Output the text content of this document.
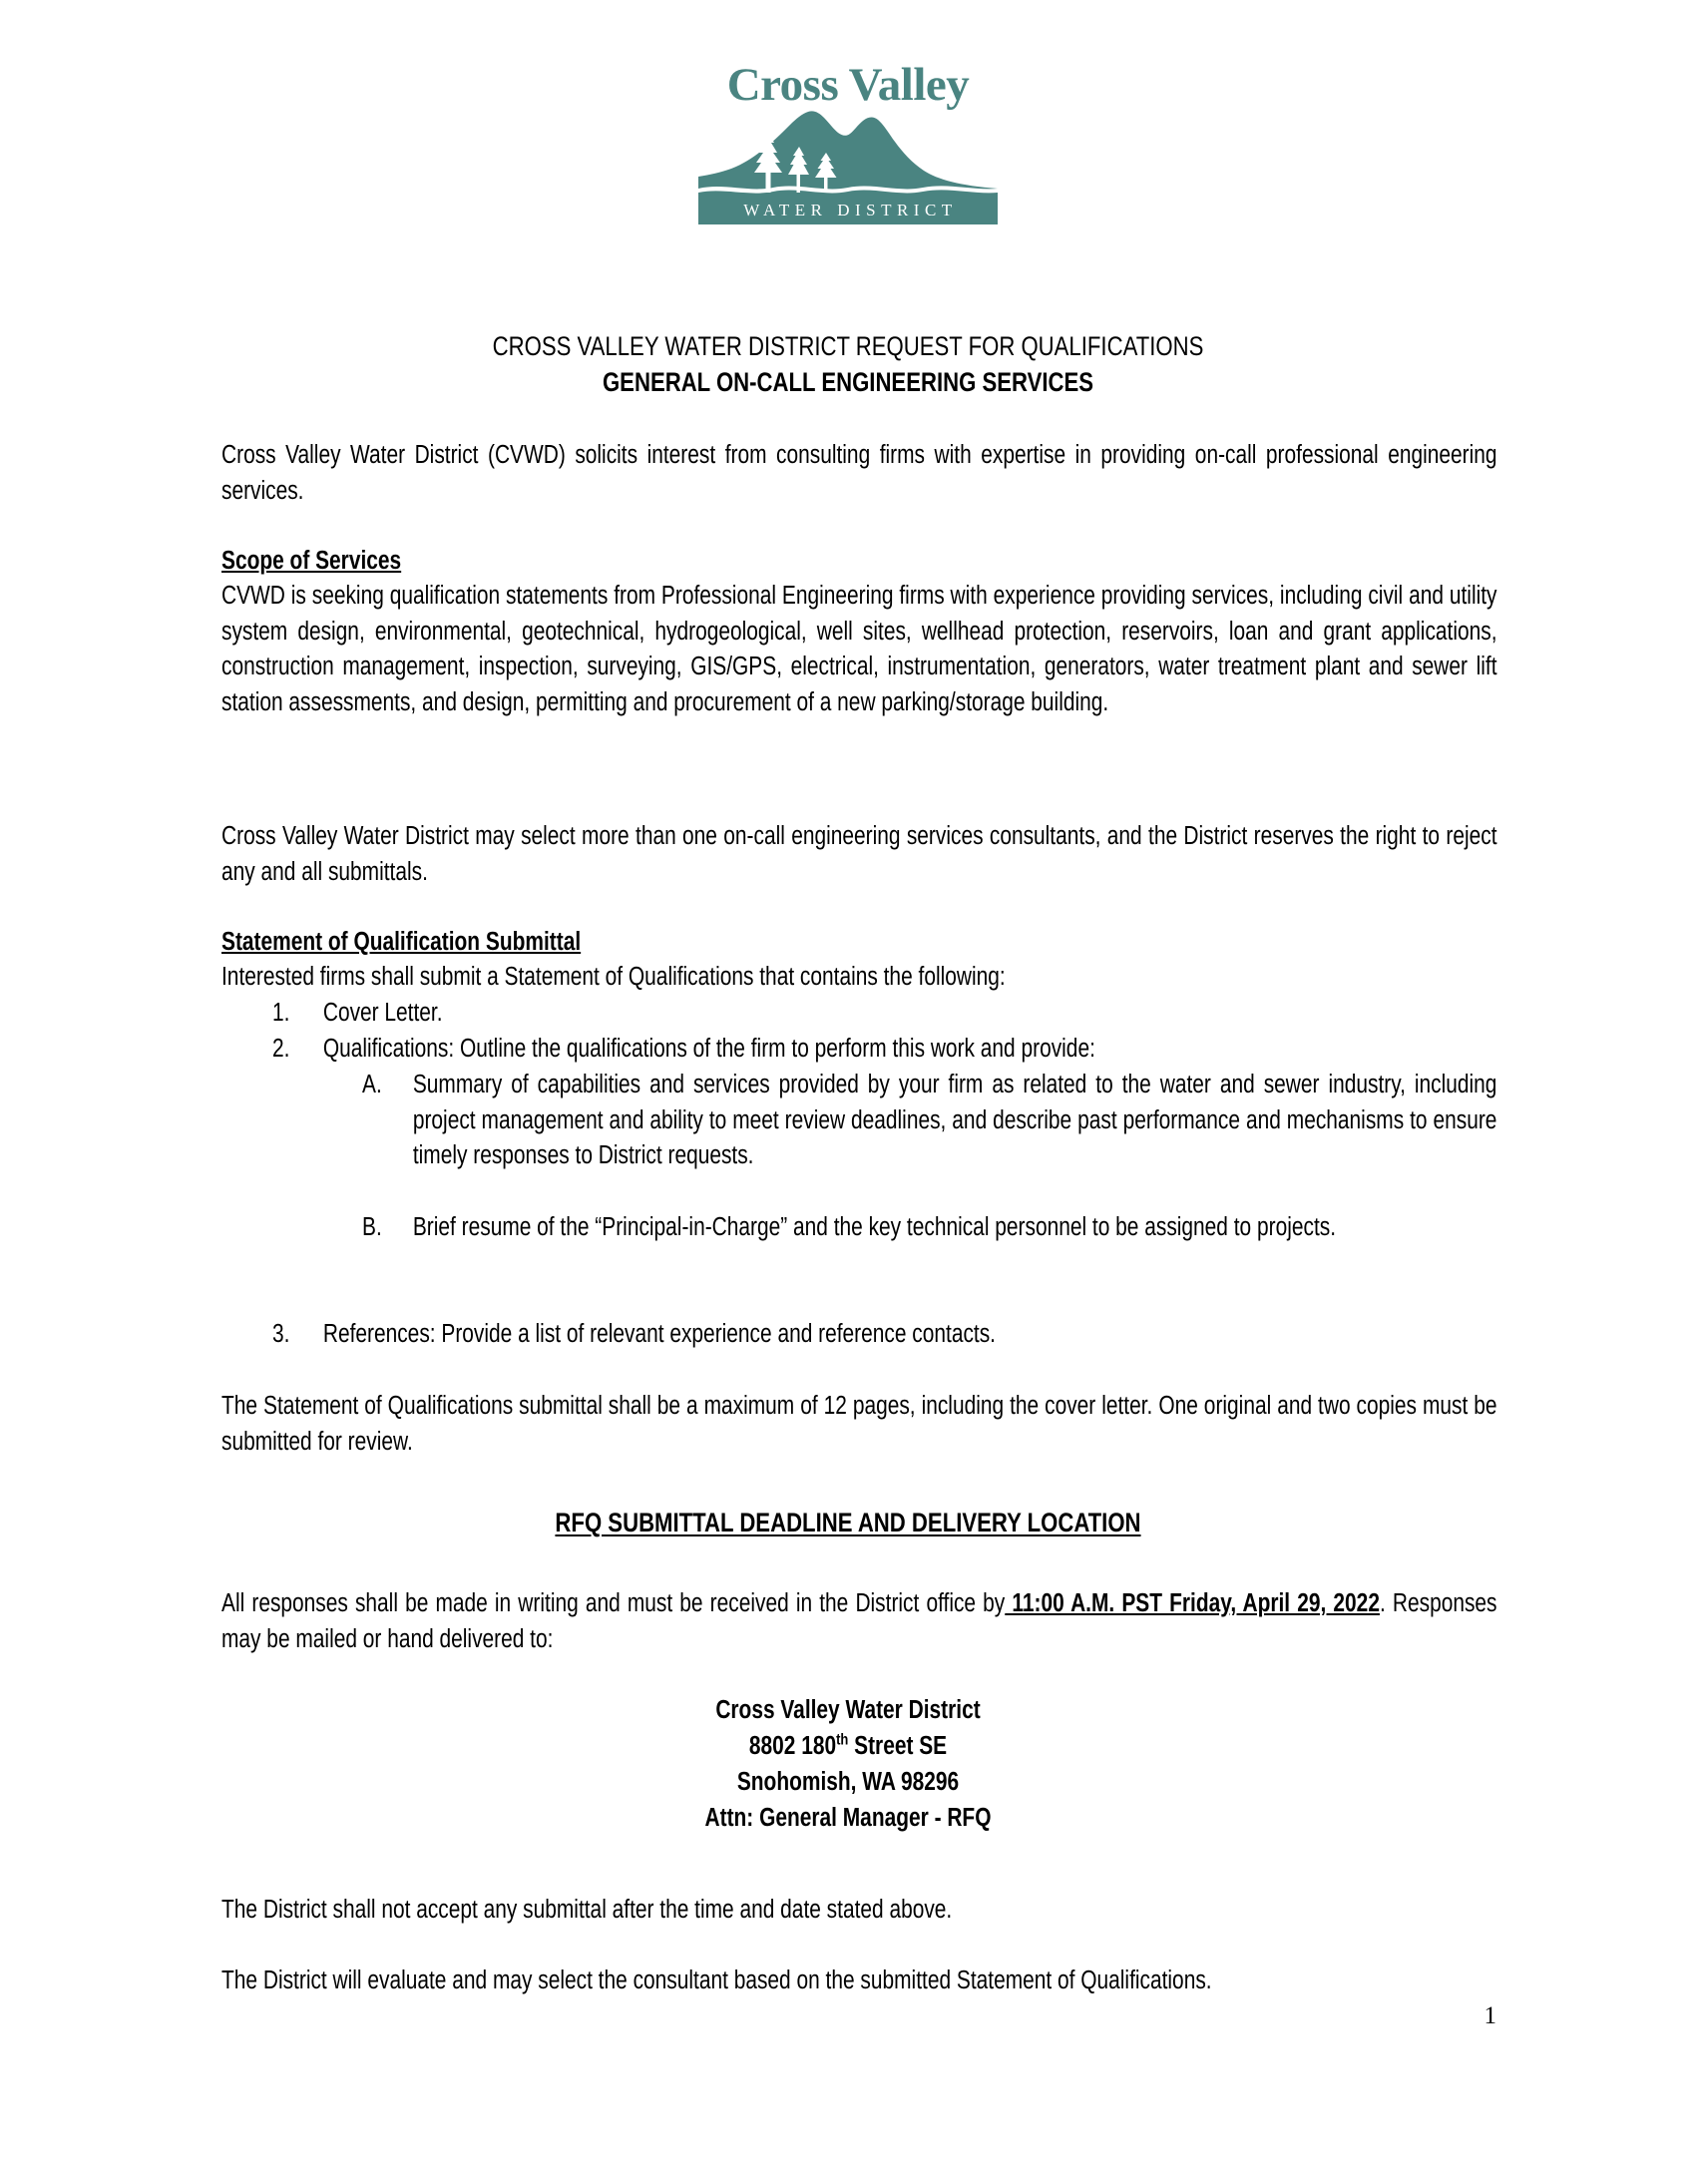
Cross Valley
WATER DISTRICT
CROSS VALLEY WATER DISTRICT REQUEST FOR QUALIFICATIONS
GENERAL ON-CALL ENGINEERING SERVICES
Cross Valley Water District (CVWD) solicits interest from consulting firms with expertise in providing on-call professional engineering services.
Scope of Services
CVWD is seeking qualification statements from Professional Engineering firms with experience providing services, including civil and utility system design, environmental, geotechnical, hydrogeological, well sites, wellhead protection, reservoirs, loan and grant applications, construction management, inspection, surveying, GIS/GPS, electrical, instrumentation, generators, water treatment plant and sewer lift station assessments, and design, permitting and procurement of a new parking/storage building.
Cross Valley Water District may select more than one on-call engineering services consultants, and the District reserves the right to reject any and all submittals.
Statement of Qualification Submittal
Interested firms shall submit a Statement of Qualifications that contains the following:
1.	Cover Letter.
2.	Qualifications: Outline the qualifications of the firm to perform this work and provide:
A.	Summary of capabilities and services provided by your firm as related to the water and sewer industry, including project management and ability to meet review deadlines, and describe past performance and mechanisms to ensure timely responses to District requests.
B.	Brief resume of the “Principal-in-Charge” and the key technical personnel to be assigned to projects.
3.	References: Provide a list of relevant experience and reference contacts.
The Statement of Qualifications submittal shall be a maximum of 12 pages, including the cover letter. One original and two copies must be submitted for review.
RFQ SUBMITTAL DEADLINE AND DELIVERY LOCATION
All responses shall be made in writing and must be received in the District office by 11:00 A.M. PST Friday, April 29, 2022. Responses may be mailed or hand delivered to:
Cross Valley Water District
8802 180th Street SE
Snohomish, WA 98296
Attn: General Manager - RFQ
The District shall not accept any submittal after the time and date stated above.
The District will evaluate and may select the consultant based on the submitted Statement of Qualifications.
1
